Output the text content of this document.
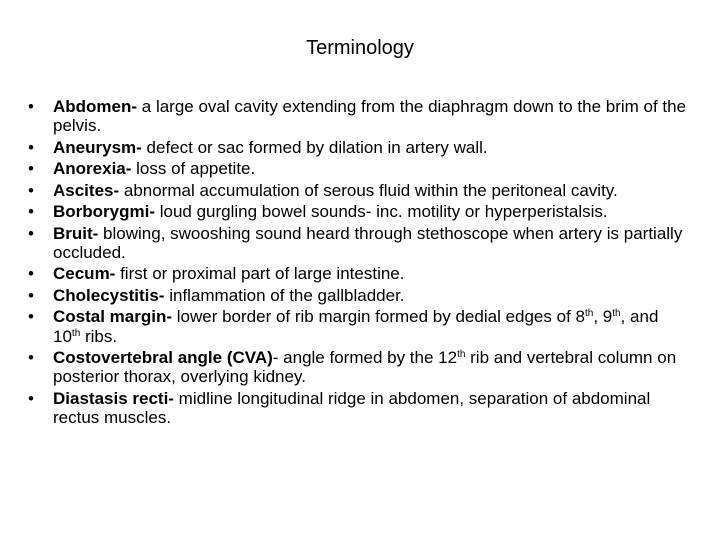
Terminology
• Abdomen- a large oval cavity extending from the diaphragm down to the brim of the pelvis.
• Aneurysm- defect or sac formed by dilation in artery wall.
• Anorexia- loss of appetite.
• Ascites- abnormal accumulation of serous fluid within the peritoneal cavity.
• Borborygmi- loud gurgling bowel sounds- inc. motility or hyperperistalsis.
• Bruit- blowing, swooshing sound heard through stethoscope when artery is partially occluded.
• Cecum- first or proximal part of large intestine.
• Cholecystitis- inflammation of the gallbladder.
• Costal margin- lower border of rib margin formed by dedial edges of 8th, 9th, and 10th ribs.
• Costovertebral angle (CVA)- angle formed by the 12th rib and vertebral column on posterior thorax, overlying kidney.
• Diastasis recti- midline longitudinal ridge in abdomen, separation of abdominal rectus muscles.
